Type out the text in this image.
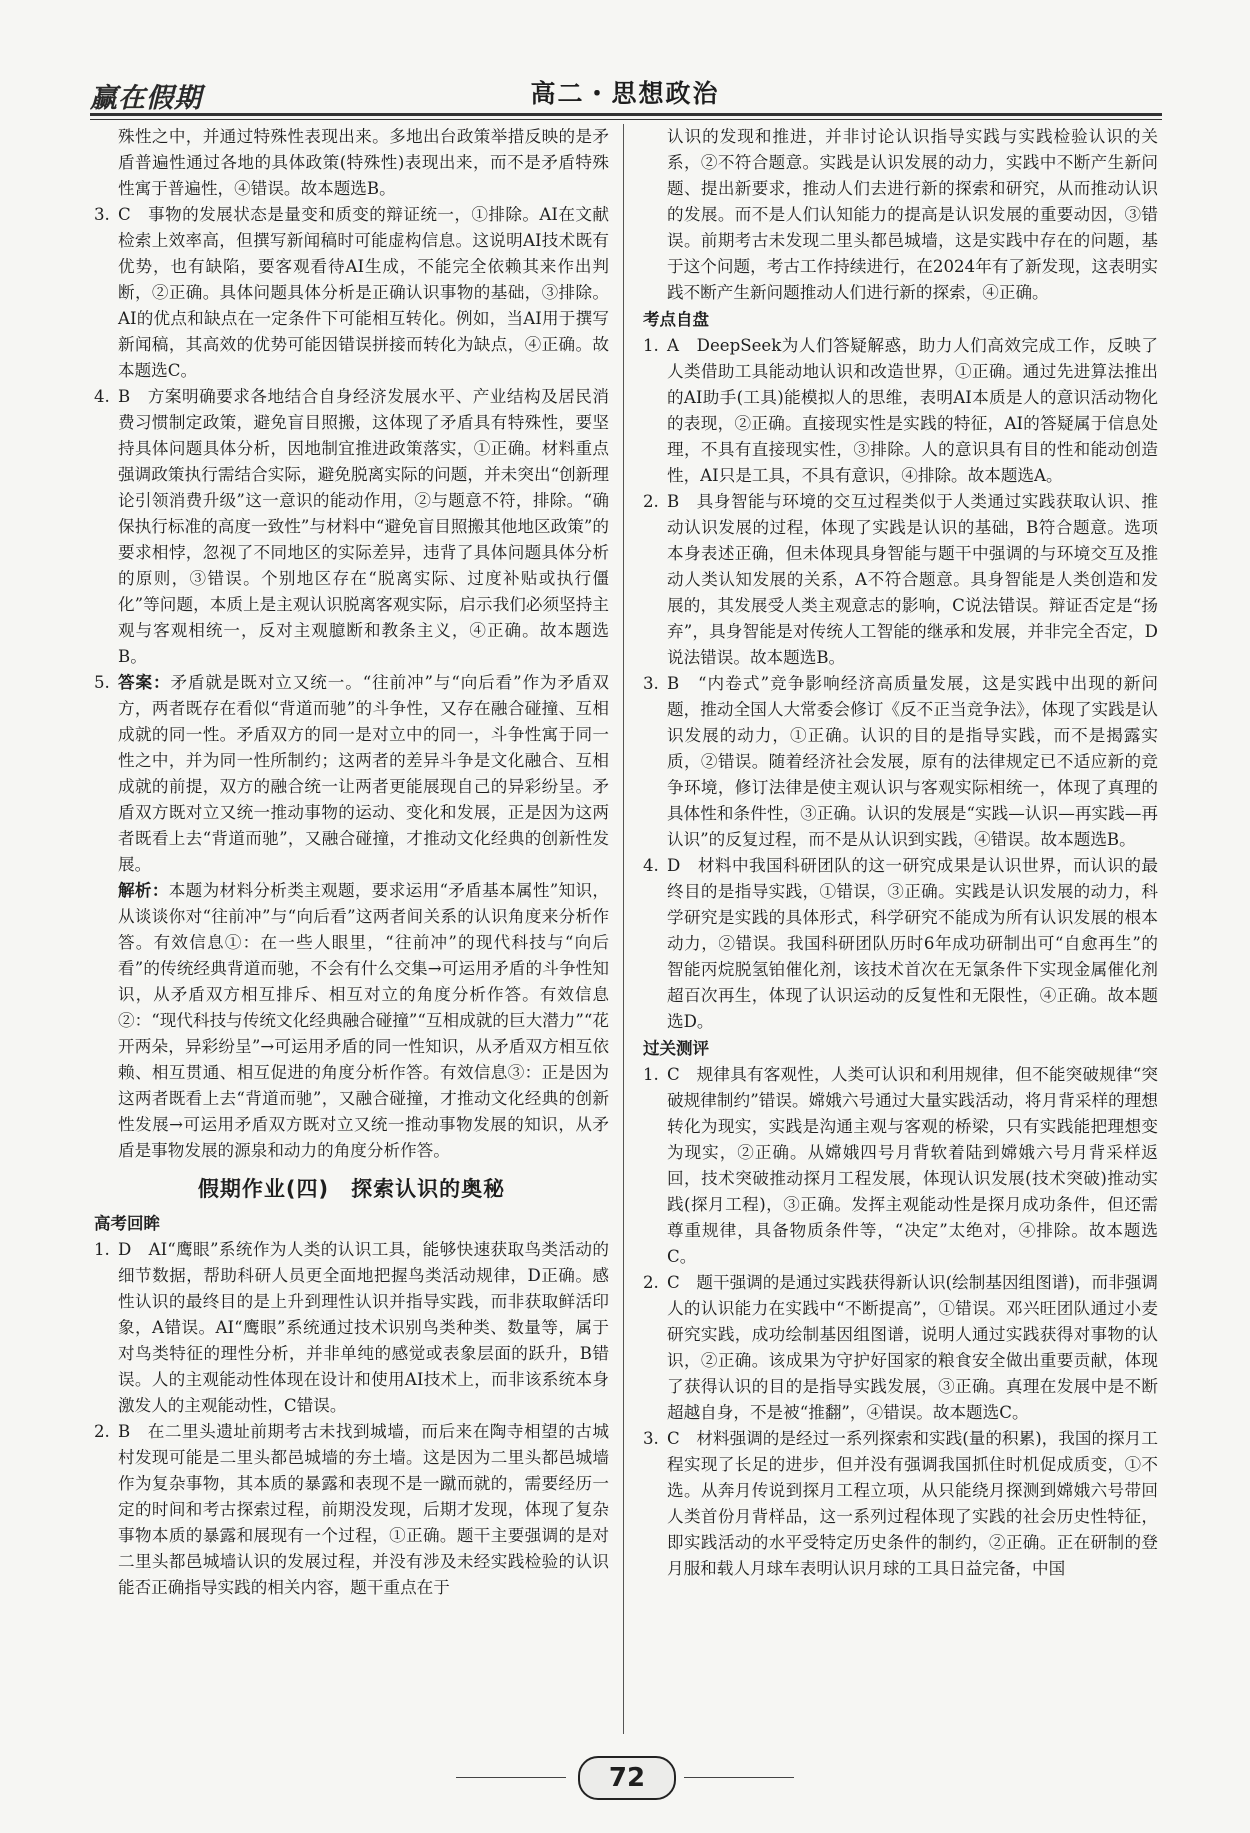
赢在假期	高二・思想政治

殊性之中，并通过特殊性表现出来。多地出台政策举措反映的是矛盾普遍性通过各地的具体政策(特殊性)表现出来，而不是矛盾特殊性寓于普遍性，④错误。故本题选B。

3. C　事物的发展状态是量变和质变的辩证统一，①排除。AI在文献检索上效率高，但撰写新闻稿时可能虚构信息。这说明AI技术既有优势，也有缺陷，要客观看待AI生成，不能完全依赖其来作出判断，②正确。具体问题具体分析是正确认识事物的基础，③排除。AI的优点和缺点在一定条件下可能相互转化。例如，当AI用于撰写新闻稿，其高效的优势可能因错误拼接而转化为缺点，④正确。故本题选C。

4. B　方案明确要求各地结合自身经济发展水平、产业结构及居民消费习惯制定政策，避免盲目照搬，这体现了矛盾具有特殊性，要坚持具体问题具体分析，因地制宜推进政策落实，①正确。材料重点强调政策执行需结合实际，避免脱离实际的问题，并未突出“创新理论引领消费升级”这一意识的能动作用，②与题意不符，排除。“确保执行标准的高度一致性”与材料中“避免盲目照搬其他地区政策”的要求相悖，忽视了不同地区的实际差异，违背了具体问题具体分析的原则，③错误。个别地区存在“脱离实际、过度补贴或执行僵化”等问题，本质上是主观认识脱离客观实际，启示我们必须坚持主观与客观相统一，反对主观臆断和教条主义，④正确。故本题选B。

5. 答案：矛盾就是既对立又统一。“往前冲”与“向后看”作为矛盾双方，两者既存在看似“背道而驰”的斗争性，又存在融合碰撞、互相成就的同一性。矛盾双方的同一是对立中的同一，斗争性寓于同一性之中，并为同一性所制约；这两者的差异斗争是文化融合、互相成就的前提，双方的融合统一让两者更能展现自己的异彩纷呈。矛盾双方既对立又统一推动事物的运动、变化和发展，正是因为这两者既看上去“背道而驰”，又融合碰撞，才推动文化经典的创新性发展。

解析：本题为材料分析类主观题，要求运用“矛盾基本属性”知识，从谈谈你对“往前冲”与“向后看”这两者间关系的认识角度来分析作答。有效信息①：在一些人眼里，“往前冲”的现代科技与“向后看”的传统经典背道而驰，不会有什么交集→可运用矛盾的斗争性知识，从矛盾双方相互排斥、相互对立的角度分析作答。有效信息②：“现代科技与传统文化经典融合碰撞”“互相成就的巨大潜力”“花开两朵，异彩纷呈”→可运用矛盾的同一性知识，从矛盾双方相互依赖、相互贯通、相互促进的角度分析作答。有效信息③：正是因为这两者既看上去“背道而驰”，又融合碰撞，才推动文化经典的创新性发展→可运用矛盾双方既对立又统一推动事物发展的知识，从矛盾是事物发展的源泉和动力的角度分析作答。

假期作业(四)　探索认识的奥秘
高考回眸

1. D　AI“鹰眼”系统作为人类的认识工具，能够快速获取鸟类活动的细节数据，帮助科研人员更全面地把握鸟类活动规律，D正确。感性认识的最终目的是上升到理性认识并指导实践，而非获取鲜活印象，A错误。AI“鹰眼”系统通过技术识别鸟类种类、数量等，属于对鸟类特征的理性分析，并非单纯的感觉或表象层面的跃升，B错误。人的主观能动性体现在设计和使用AI技术上，而非该系统本身激发人的主观能动性，C错误。

2. B　在二里头遗址前期考古未找到城墙，而后来在陶寺相望的古城村发现可能是二里头都邑城墙的夯土墙。这是因为二里头都邑城墙作为复杂事物，其本质的暴露和表现不是一蹴而就的，需要经历一定的时间和考古探索过程，前期没发现，后期才发现，体现了复杂事物本质的暴露和展现有一个过程，①正确。题干主要强调的是对二里头都邑城墙认识的发展过程，并没有涉及未经实践检验的认识能否正确指导实践的相关内容，题干重点在于

认识的发现和推进，并非讨论认识指导实践与实践检验认识的关系，②不符合题意。实践是认识发展的动力，实践中不断产生新问题、提出新要求，推动人们去进行新的探索和研究，从而推动认识的发展。而不是人们认知能力的提高是认识发展的重要动因，③错误。前期考古未发现二里头都邑城墙，这是实践中存在的问题，基于这个问题，考古工作持续进行，在2024年有了新发现，这表明实践不断产生新问题推动人们进行新的探索，④正确。

考点自盘

1. A　DeepSeek为人们答疑解惑，助力人们高效完成工作，反映了人类借助工具能动地认识和改造世界，①正确。通过先进算法推出的AI助手(工具)能模拟人的思维，表明AI本质是人的意识活动物化的表现，②正确。直接现实性是实践的特征，AI的答疑属于信息处理，不具有直接现实性，③排除。人的意识具有目的性和能动创造性，AI只是工具，不具有意识，④排除。故本题选A。

2. B　具身智能与环境的交互过程类似于人类通过实践获取认识、推动认识发展的过程，体现了实践是认识的基础，B符合题意。选项本身表述正确，但未体现具身智能与题干中强调的与环境交互及推动人类认知发展的关系，A不符合题意。具身智能是人类创造和发展的，其发展受人类主观意志的影响，C说法错误。辩证否定是“扬弃”，具身智能是对传统人工智能的继承和发展，并非完全否定，D说法错误。故本题选B。

3. B　“内卷式”竞争影响经济高质量发展，这是实践中出现的新问题，推动全国人大常委会修订《反不正当竞争法》，体现了实践是认识发展的动力，①正确。认识的目的是指导实践，而不是揭露实质，②错误。随着经济社会发展，原有的法律规定已不适应新的竞争环境，修订法律是使主观认识与客观实际相统一，体现了真理的具体性和条件性，③正确。认识的发展是“实践—认识—再实践—再认识”的反复过程，而不是从认识到实践，④错误。故本题选B。

4. D　材料中我国科研团队的这一研究成果是认识世界，而认识的最终目的是指导实践，①错误，③正确。实践是认识发展的动力，科学研究是实践的具体形式，科学研究不能成为所有认识发展的根本动力，②错误。我国科研团队历时6年成功研制出可“自愈再生”的智能丙烷脱氢铂催化剂，该技术首次在无氯条件下实现金属催化剂超百次再生，体现了认识运动的反复性和无限性，④正确。故本题选D。

过关测评

1. C　规律具有客观性，人类可认识和利用规律，但不能突破规律“突破规律制约”错误。嫦娥六号通过大量实践活动，将月背采样的理想转化为现实，实践是沟通主观与客观的桥梁，只有实践能把理想变为现实，②正确。从嫦娥四号月背软着陆到嫦娥六号月背采样返回，技术突破推动探月工程发展，体现认识发展(技术突破)推动实践(探月工程)，③正确。发挥主观能动性是探月成功条件，但还需尊重规律，具备物质条件等，“决定”太绝对，④排除。故本题选C。

2. C　题干强调的是通过实践获得新认识(绘制基因组图谱)，而非强调人的认识能力在实践中“不断提高”，①错误。邓兴旺团队通过小麦研究实践，成功绘制基因组图谱，说明人通过实践获得对事物的认识，②正确。该成果为守护好国家的粮食安全做出重要贡献，体现了获得认识的目的是指导实践发展，③正确。真理在发展中是不断超越自身，不是被“推翻”，④错误。故本题选C。

3. C　材料强调的是经过一系列探索和实践(量的积累)，我国的探月工程实现了长足的进步，但并没有强调我国抓住时机促成质变，①不选。从奔月传说到探月工程立项，从只能绕月探测到嫦娥六号带回人类首份月背样品，这一系列过程体现了实践的社会历史性特征，即实践活动的水平受特定历史条件的制约，②正确。正在研制的登月服和载人月球车表明认识月球的工具日益完备，中国

72
